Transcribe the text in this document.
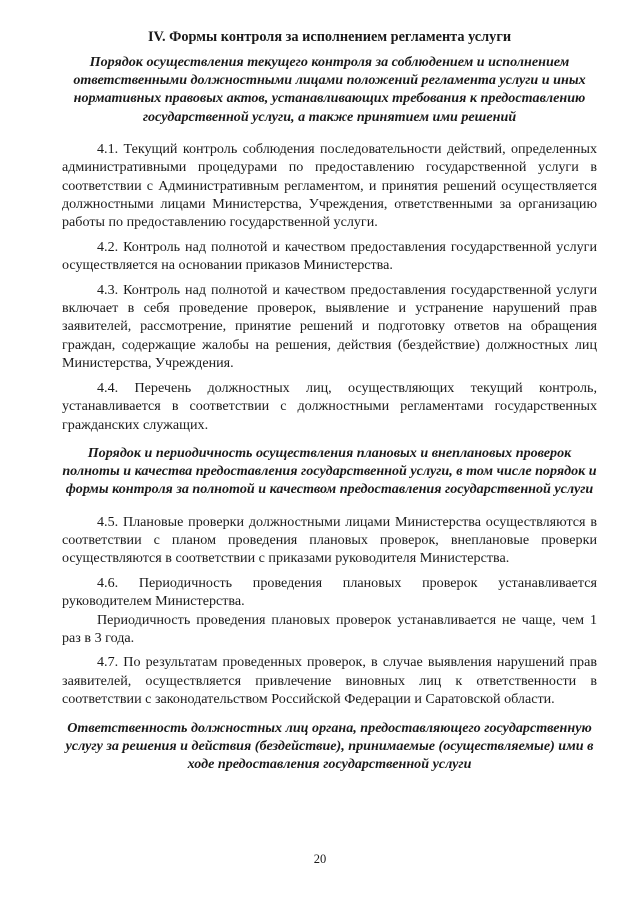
IV. Формы контроля за исполнением регламента услуги
Порядок осуществления текущего контроля за соблюдением и исполнением ответственными должностными лицами положений регламента услуги и иных нормативных правовых актов, устанавливающих требования к предоставлению государственной услуги, а также принятием ими решений

4.1. Текущий контроль соблюдения последовательности действий, определенных административными процедурами по предоставлению государственной услуги в соответствии с Административным регламентом, и принятия решений осуществляется должностными лицами Министерства, Учреждения, ответственными за организацию работы по предоставлению государственной услуги.

4.2. Контроль над полнотой и качеством предоставления государственной услуги осуществляется на основании приказов Министерства.

4.3. Контроль над полнотой и качеством предоставления государственной услуги включает в себя проведение проверок, выявление и устранение нарушений прав заявителей, рассмотрение, принятие решений и подготовку ответов на обращения граждан, содержащие жалобы на решения, действия (бездействие) должностных лиц Министерства, Учреждения.

4.4. Перечень должностных лиц, осуществляющих текущий контроль, устанавливается в соответствии с должностными регламентами государственных гражданских служащих.

Порядок и периодичность осуществления плановых и внеплановых проверок полноты и качества предоставления государственной услуги, в том числе порядок и формы контроля за полнотой и качеством предоставления государственной услуги

4.5. Плановые проверки должностными лицами Министерства осуществляются в соответствии с планом проведения плановых проверок, внеплановые проверки осуществляются в соответствии с приказами руководителя Министерства.

4.6. Периодичность проведения плановых проверок устанавливается руководителем Министерства.

Периодичность проведения плановых проверок устанавливается не чаще, чем 1 раз в 3 года.

4.7. По результатам проведенных проверок, в случае выявления нарушений прав заявителей, осуществляется привлечение виновных лиц к ответственности в соответствии с законодательством Российской Федерации и Саратовской области.

Ответственность должностных лиц органа, предоставляющего государственную услугу за решения и действия (бездействие), принимаемые (осуществляемые) ими в ходе предоставления государственной услуги
20
